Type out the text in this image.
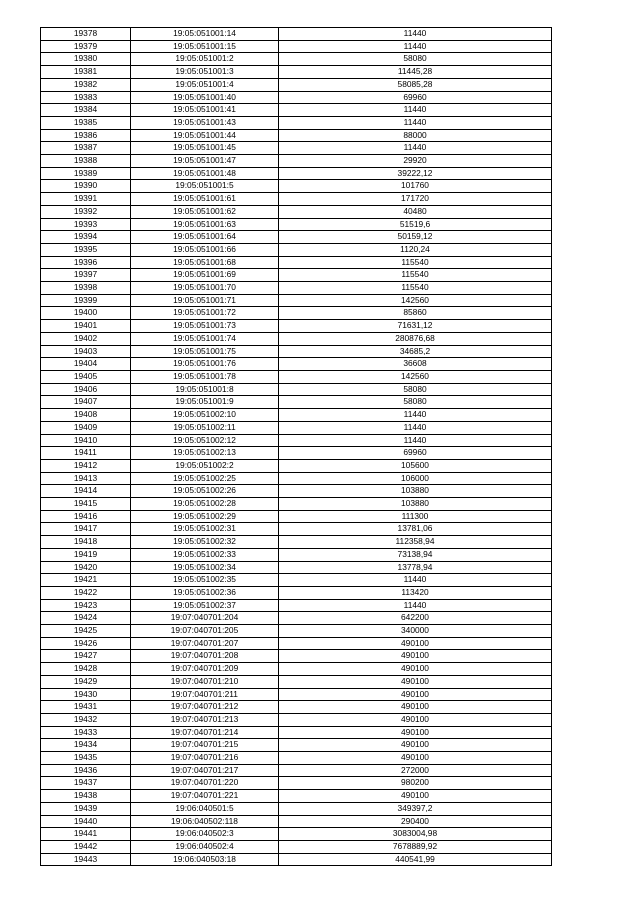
19378	19:05:051001:14	11440
19379	19:05:051001:15	11440
19380	19:05:051001:2	58080
19381	19:05:051001:3	11445,28
19382	19:05:051001:4	58085,28
19383	19:05:051001:40	69960
19384	19:05:051001:41	11440
19385	19:05:051001:43	11440
19386	19:05:051001:44	88000
19387	19:05:051001:45	11440
19388	19:05:051001:47	29920
19389	19:05:051001:48	39222,12
19390	19:05:051001:5	101760
19391	19:05:051001:61	171720
19392	19:05:051001:62	40480
19393	19:05:051001:63	51519,6
19394	19:05:051001:64	50159,12
19395	19:05:051001:66	1120,24
19396	19:05:051001:68	115540
19397	19:05:051001:69	115540
19398	19:05:051001:70	115540
19399	19:05:051001:71	142560
19400	19:05:051001:72	85860
19401	19:05:051001:73	71631,12
19402	19:05:051001:74	280876,68
19403	19:05:051001:75	34685,2
19404	19:05:051001:76	36608
19405	19:05:051001:78	142560
19406	19:05:051001:8	58080
19407	19:05:051001:9	58080
19408	19:05:051002:10	11440
19409	19:05:051002:11	11440
19410	19:05:051002:12	11440
19411	19:05:051002:13	69960
19412	19:05:051002:2	105600
19413	19:05:051002:25	106000
19414	19:05:051002:26	103880
19415	19:05:051002:28	103880
19416	19:05:051002:29	111300
19417	19:05:051002:31	13781,06
19418	19:05:051002:32	112358,94
19419	19:05:051002:33	73138,94
19420	19:05:051002:34	13778,94
19421	19:05:051002:35	11440
19422	19:05:051002:36	113420
19423	19:05:051002:37	11440
19424	19:07:040701:204	642200
19425	19:07:040701:205	340000
19426	19:07:040701:207	490100
19427	19:07:040701:208	490100
19428	19:07:040701:209	490100
19429	19:07:040701:210	490100
19430	19:07:040701:211	490100
19431	19:07:040701:212	490100
19432	19:07:040701:213	490100
19433	19:07:040701:214	490100
19434	19:07:040701:215	490100
19435	19:07:040701:216	490100
19436	19:07:040701:217	272000
19437	19:07:040701:220	980200
19438	19:07:040701:221	490100
19439	19:06:040501:5	349397,2
19440	19:06:040502:118	290400
19441	19:06:040502:3	3083004,98
19442	19:06:040502:4	7678889,92
19443	19:06:040503:18	440541,99
